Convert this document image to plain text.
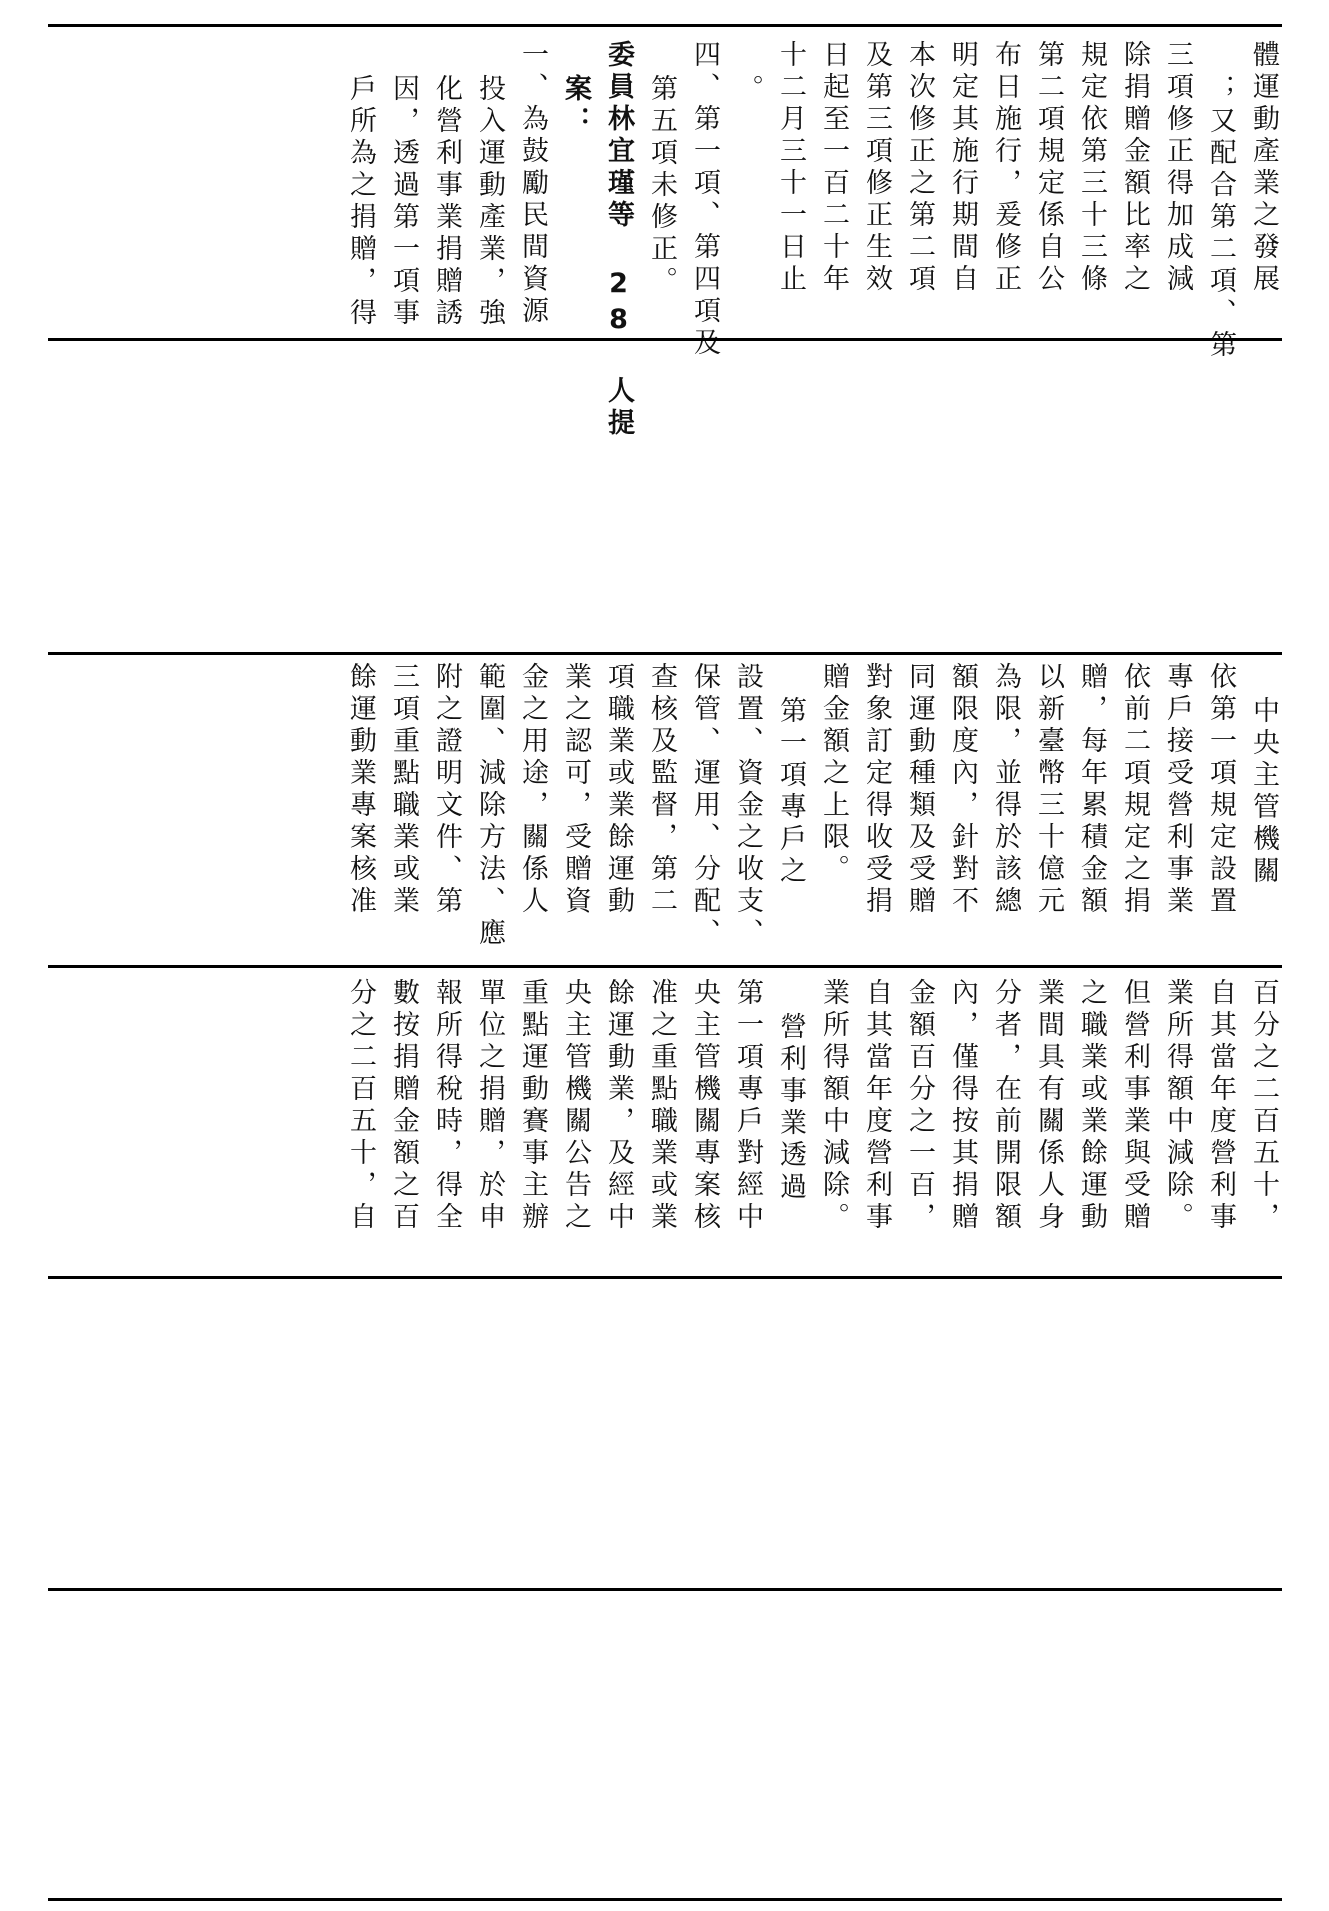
體運動產業之發展
；又配合第二項、第
三項修正得加成減
除捐贈金額比率之
規定依第三十三條
第二項規定係自公
布日施行，爰修正
明定其施行期間自
本次修正之第二項
及第三項修正生效
日起至一百二十年
十二月三十一日止
。
四、第一項、第四項及
第五項未修正。
委員林宜瑾等 28 人提
案：
一、為鼓勵民間資源
投入運動產業，強
化營利事業捐贈誘
因，透過第一項事
戶所為之捐贈，得
中央主管機關
依第一項規定設置
專戶接受營利事業
依前二項規定之捐
贈，每年累積金額
以新臺幣三十億元
為限，並得於該總
額限度內，針對不
同運動種類及受贈
對象訂定得收受捐
贈金額之上限。
第一項專戶之
設置、資金之收支、
保管、運用、分配、
查核及監督，第二
項職業或業餘運動
業之認可，受贈資
金之用途，關係人
範圍、減除方法、應
附之證明文件、第
三項重點職業或業
餘運動業專案核准
百分之二百五十，
自其當年度營利事
業所得額中減除。
但營利事業與受贈
之職業或業餘運動
業間具有關係人身
分者，在前開限額
內，僅得按其捐贈
金額百分之一百，
自其當年度營利事
業所得額中減除。
營利事業透過
第一項專戶對經中
央主管機關專案核
准之重點職業或業
餘運動業，及經中
央主管機關公告之
重點運動賽事主辦
單位之捐贈，於申
報所得稅時，得全
數按捐贈金額之百
分之二百五十，自
